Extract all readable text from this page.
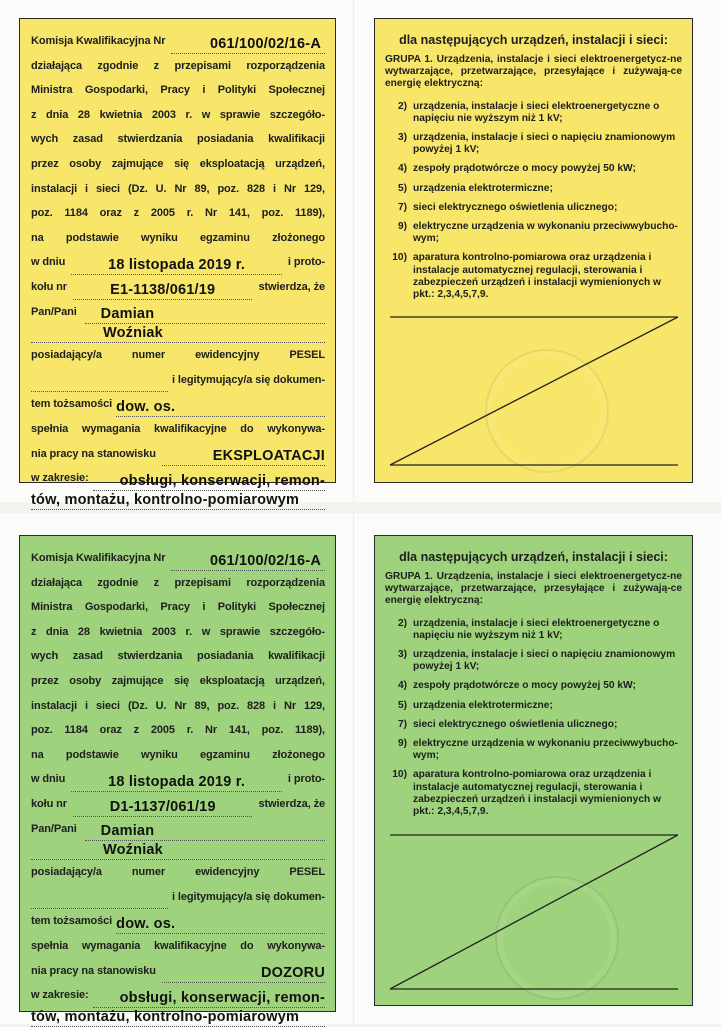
Komisja Kwalifikacyjna Nr	061/100/02/16-A
działająca zgodnie z przepisami rozporządzenia
Ministra Gospodarki, Pracy i Polityki Społecznej
z dnia 28 kwietnia 2003 r. w sprawie szczegóło-
wych zasad stwierdzania posiadania kwalifikacji
przez osoby zajmujące się eksploatacją urządzeń,
instalacji i sieci (Dz. U. Nr 89, poz. 828 i Nr 129,
poz. 1184 oraz z 2005 r. Nr 141, poz. 1189),
na podstawie wyniku egzaminu złożonego
w dniu	18 listopada 2019 r.	i proto-
kołu nr	E1-1138/061/19	stwierdza, że
Pan/Pani	Damian
Woźniak
posiadający/a numer ewidencyjny PESEL
i legitymujący/a się dokumen-
tem tożsamości dow. os.
spełnia wymagania kwalifikacyjne do wykonywa-
nia pracy na stanowisku	EKSPLOATACJI
w zakresie:	obsługi, konserwacji, remon-
tów, montażu, kontrolno-pomiarowym
dla następujących urządzeń, instalacji i sieci:
GRUPA 1. Urządzenia, instalacje i sieci elektroenergetycz-ne wytwarzające, przetwarzające, przesyłające i zużywają-ce energię elektryczną:
2) urządzenia, instalacje i sieci elektroenergetyczne o napięciu nie wyższym niż 1 kV;
3) urządzenia, instalacje i sieci o napięciu znamionowym powyżej 1 kV;
4) zespoły prądotwórcze o mocy powyżej 50 kW;
5) urządzenia elektrotermiczne;
7) sieci elektrycznego oświetlenia ulicznego;
9) elektryczne urządzenia w wykonaniu przeciwwybucho-wym;
10) aparatura kontrolno-pomiarowa oraz urządzenia i instalacje automatycznej regulacji, sterowania i zabezpieczeń urządzeń i instalacji wymienionych w pkt.: 2,3,4,5,7,9.
Komisja Kwalifikacyjna Nr	061/100/02/16-A
działająca zgodnie z przepisami rozporządzenia
Ministra Gospodarki, Pracy i Polityki Społecznej
z dnia 28 kwietnia 2003 r. w sprawie szczegóło-
wych zasad stwierdzania posiadania kwalifikacji
przez osoby zajmujące się eksploatacją urządzeń,
instalacji i sieci (Dz. U. Nr 89, poz. 828 i Nr 129,
poz. 1184 oraz z 2005 r. Nr 141, poz. 1189),
na podstawie wyniku egzaminu złożonego
w dniu	18 listopada 2019 r.	i proto-
kołu nr	D1-1137/061/19	stwierdza, że
Pan/Pani	Damian
Woźniak
posiadający/a numer ewidencyjny PESEL
i legitymujący/a się dokumen-
tem tożsamości dow. os.
spełnia wymagania kwalifikacyjne do wykonywa-
nia pracy na stanowisku	DOZORU
w zakresie:	obsługi, konserwacji, remon-
tów, montażu, kontrolno-pomiarowym
dla następujących urządzeń, instalacji i sieci:
GRUPA 1. Urządzenia, instalacje i sieci elektroenergetycz-ne wytwarzające, przetwarzające, przesyłające i zużywają-ce energię elektryczną:
2) urządzenia, instalacje i sieci elektroenergetyczne o napięciu nie wyższym niż 1 kV;
3) urządzenia, instalacje i sieci o napięciu znamionowym powyżej 1 kV;
4) zespoły prądotwórcze o mocy powyżej 50 kW;
5) urządzenia elektrotermiczne;
7) sieci elektrycznego oświetlenia ulicznego;
9) elektryczne urządzenia w wykonaniu przeciwwybucho-wym;
10) aparatura kontrolno-pomiarowa oraz urządzenia i instalacje automatycznej regulacji, sterowania i zabezpieczeń urządzeń i instalacji wymienionych w pkt.: 2,3,4,5,7,9.
